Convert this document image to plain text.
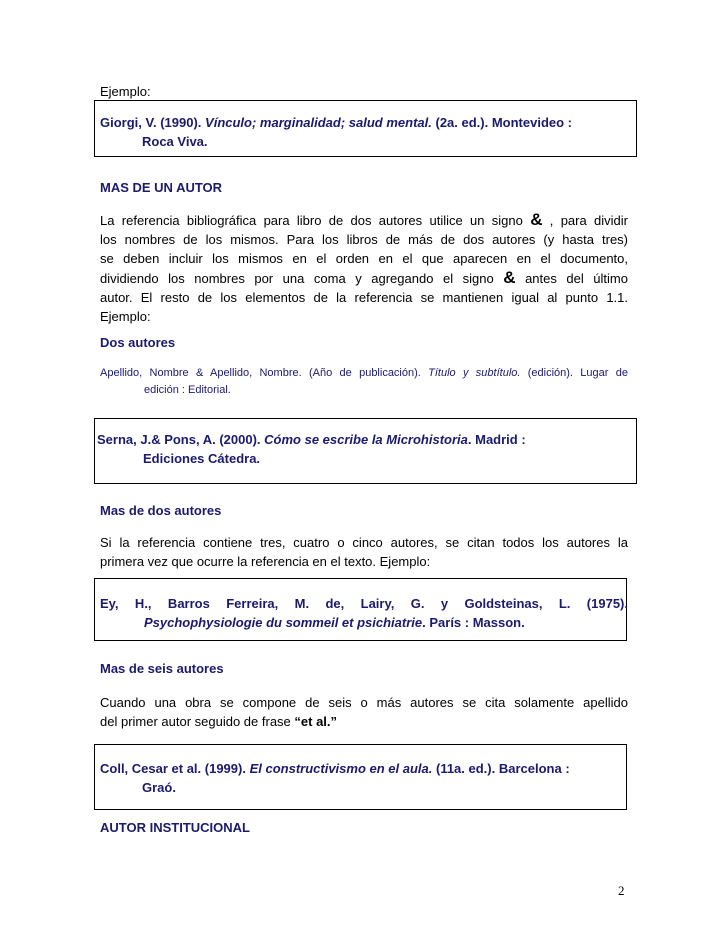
Ejemplo:
Giorgi, V. (1990). Vínculo; marginalidad; salud mental. (2a. ed.). Montevideo :
Roca Viva.
MAS DE UN AUTOR
La referencia bibliográfica para libro de dos autores utilice un signo & , para dividir
los nombres de los mismos. Para los libros de más de dos autores (y hasta tres)
se deben incluir los mismos en el orden en el que aparecen en el documento,
dividiendo los nombres por una coma y agregando el signo & antes del último
autor. El resto de los elementos de la referencia se mantienen igual al punto 1.1.
Ejemplo:
Dos autores
Apellido, Nombre & Apellido, Nombre. (Año de publicación). Título y subtítulo. (edición). Lugar de
edición : Editorial.
Serna, J.& Pons, A. (2000). Cómo se escribe la Microhistoria. Madrid :
Ediciones Cátedra.
Mas de dos autores
Si la referencia contiene tres, cuatro o cinco autores, se citan todos los autores la
primera vez que ocurre la referencia en el texto. Ejemplo:
Ey, H., Barros Ferreira, M. de, Lairy, G. y Goldsteinas, L. (1975).
Psychophysiologie du sommeil et psichiatrie. París : Masson.
Mas de seis autores
Cuando una obra se compone de seis o más autores se cita solamente apellido
del primer autor seguido de frase “et al.”
Coll, Cesar et al. (1999). El constructivismo en el aula. (11a. ed.). Barcelona :
Graó.
AUTOR INSTITUCIONAL
2
